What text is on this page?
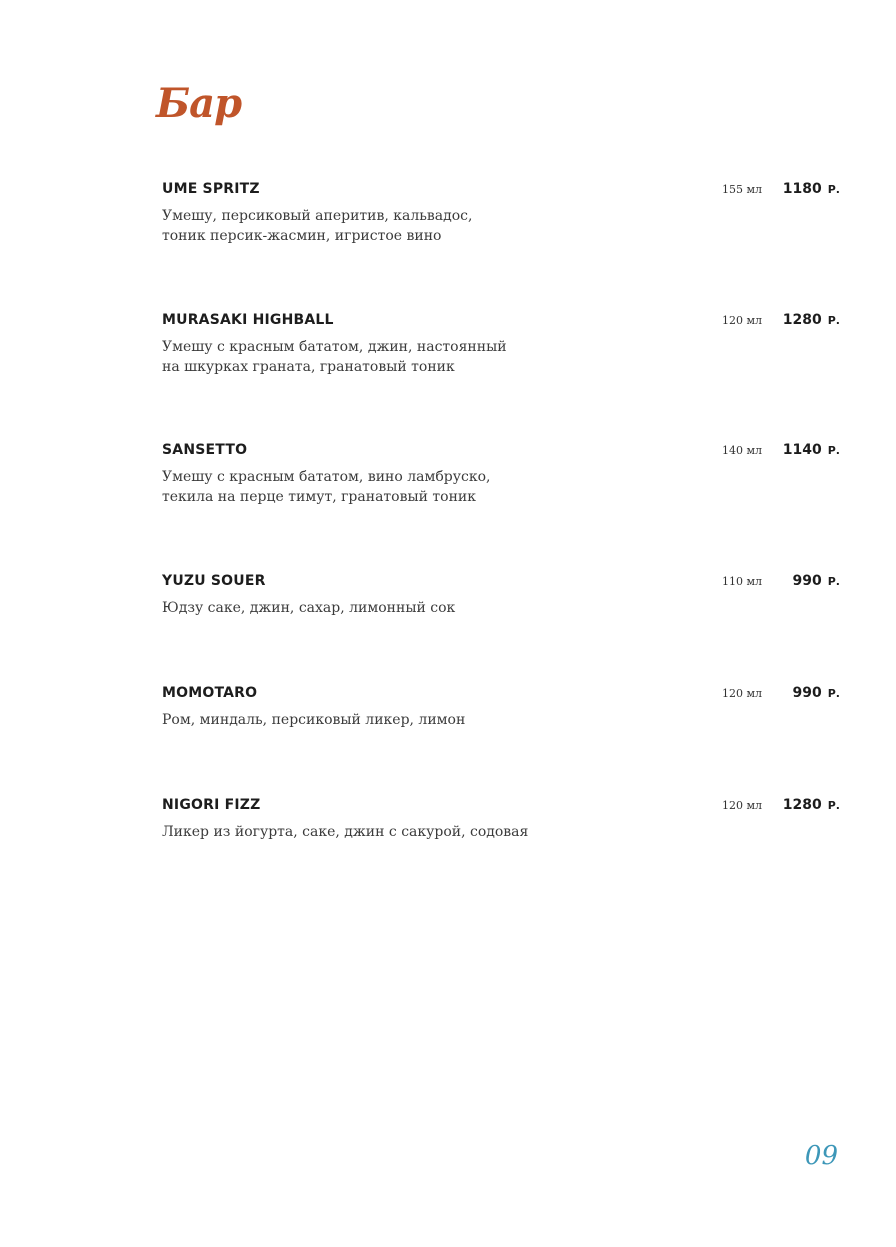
Бар
UME SPRITZ	155 мл 1180 Р.
Умешу, персиковый аперитив, кальвадос,
тоник персик-жасмин, игристое вино
MURASAKI HIGHBALL	120 мл 1280 Р.
Умешу с красным бататом, джин, настоянный
на шкурках граната, гранатовый тоник
SANSETTO	140 мл 1140 Р.
Умешу с красным бататом, вино ламбруско,
текила на перце тимут, гранатовый тоник
YUZU SOUER	110 мл 990 Р.
Юдзу саке, джин, сахар, лимонный сок
MOMOTARO	120 мл 990 Р.
Ром, миндаль, персиковый ликер, лимон
NIGORI FIZZ	120 мл 1280 Р.
Ликер из йогурта, саке, джин с сакурой, содовая
09
